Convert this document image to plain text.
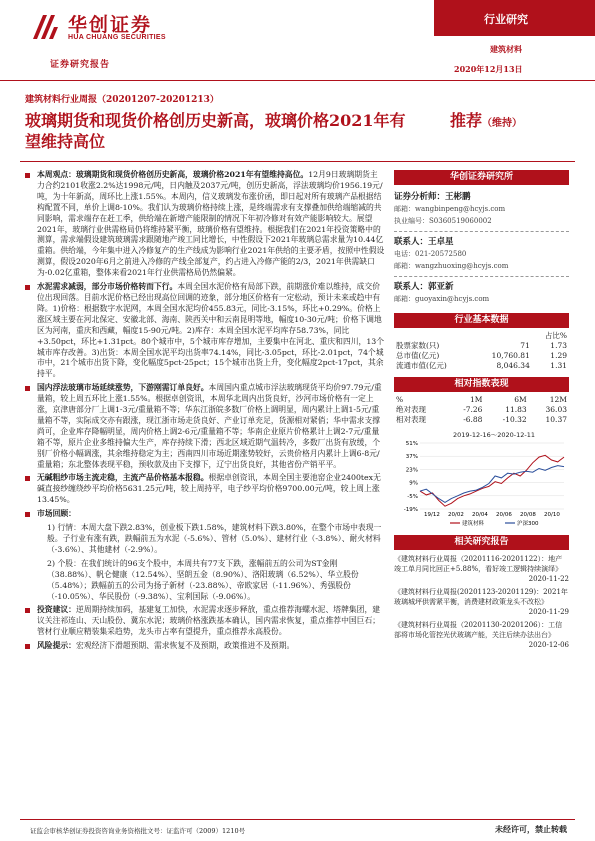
华创证券
HUA CHUANG SECURITIES
证券研究报告
行业研究
建筑材料
2020年12月13日
建筑材料行业周报（20201207-20201213）
玻璃期货和现货价格创历史新高，玻璃价格2021年有望维持高位
推荐（维持）

本周观点：玻璃期货和现货价格创历史新高，玻璃价格2021年有望维持高位。12月9日玻璃期货主力合约2101收涨2.2%达1998元/吨，日内触及2037元/吨，创历史新高，浮法玻璃均价1956.19元/吨，为十年新高，周环比上涨1.55%。本周内，信义玻璃发布涨价函，即日起对所有玻璃产品根据结构配置不同，单价上调8-10%。我们认为玻璃价格持续上涨，是终端需求有支撑叠加供给端缩减的共同影响，需求端存在赶工季，供给端在新增产能限制的情况下年初冷修对有效产能影响较大。展望2021年，玻璃行业供需格局仍将维持紧平衡，玻璃价格有望维持。根据我们在2021年投资策略中的测算，需求端假设建筑玻璃需求跟随地产竣工同比增长，中性假设下2021年玻璃总需求量为10.44亿重箱。供给端，今年集中进入冷修复产的生产线成为影响行业2021年供给的主要矛盾，按照中性假设测算，假设2020年6月之前进入冷修的产线全部复产，约占进入冷修产能的2/3，2021年供需缺口为-0.02亿重箱，整体来看2021年行业供需格局仍然偏紧。

水泥需求减弱，部分市场价格转而下行。本周全国水泥价格有局部下跌，前期涨价难以维持，成交价位出现回落。目前水泥价格已经出现高位回调的迹象，部分地区价格有一定松动，预计未来或趋中有降。1)价格：根据数字水泥网，本周全国水泥均价455.83元，同比-3.15%，环比+0.29%。价格上涨区域主要在河北保定、安徽北部、海南、陕西关中和云南昆明等地，幅度10-30元/吨；价格下调地区为河南，重庆和西藏，幅度15-90元/吨。2)库存：本周全国水泥平均库存58.73%，同比+3.50pct，环比+1.31pct。80个城市中，5个城市库存增加，主要集中在河北、重庆和四川，13个城市库存改善。3)出货：本周全国水泥平均出货率74.14%，同比-3.05pct，环比-2.01pct，74个城市中，21个城市出货下降，变化幅度5pct-25pct；15个城市出货上升，变化幅度2pct-17pct，其余持平。

国内浮法玻璃市场延续涨势，下游刚需订单良好。本周国内重点城市浮法玻璃现货平均价97.79元/重量箱，较上周五环比上涨1.55%。根据卓创资讯，本周华北周内出货良好，沙河市场价格有一定上涨，京津唐部分厂上调1-3元/重量箱不等；华东江浙皖多数厂价格上调明显，周内累计上调1-5元/重量箱不等，实际成交亦有跟涨，现江浙市场走货良好、产业订单充足，货源相对紧俏；华中需求支撑尚可，企业库存降幅明显，周内价格上调2-6元/重量箱不等；华南企业原片价格累计上调2-7元/重量箱不等，原片企业多维持偏大生产，库存持续下滑；西北区域近期气温转冷，多数厂出货有放缓，个别厂价格小幅调涨，其余维持稳定为主；西南四川市场近期涨势较好，云贵价格月内累计上调6-8元/重量箱；东北整体表现平稳，预收款及由下支撑下，辽宁出货良好，其他省份产销平平。

无碱粗纱市场主流走稳，主流产品价格基本报稳。根据卓创资讯，本周全国主要池窑企业2400tex无碱直接纱缠绕纱平均价格5631.25元/吨，较上周持平，电子纱平均价格9700.00元/吨，较上周上涨13.45%。

市场回顾：

1) 行情：本周大盘下跌2.83%，创业板下跌1.58%，建筑材料下跌3.80%，在整个市场中表现一般。子行业有涨有跌，跌幅前五为水泥（-5.6%）、管材（5.0%）、建材行业（-3.8%）、耐火材料（-3.6%）、其他建材（-2.9%）。

2) 个股：在我们统计的96支个股中，本周共有77支下跌，涨幅前五的公司为ST金刚（38.88%）、帆仑健康（12.54%）、坚朗五金（8.90%）、洛阳玻璃（6.52%）、华立股份（5.48%）；跌幅前五的公司为扬子新材（-23.88%）、帝欧家居（-11.96%）、秀强股份（-10.05%）、华民股份（-9.38%）、宝利国际（-9.06%）。

投资建议：逆周期持续加码，基建复工加快，水泥需求逐步释放，重点推荐海螺水泥、塔牌集团，建议关注祁连山、天山股份、冀东水泥；玻璃价格涨跌基本确认，国内需求恢复，重点推荐中国巨石；管材行业顺应精装集采趋势，龙头市占率有望提升，重点推荐永高股份。

风险提示：宏观经济下滑超预期、需求恢复不及预期，政策推进不及预期。

华创证券研究所
证券分析师：王彬鹏
邮箱：wangbinpeng@hcyjs.com
执业编号：S0360519060002
联系人：王卓星
电话：021-20572580
邮箱：wangzhuoxing@hcyjs.com
联系人：郭亚新
邮箱：guoyaxin@hcyjs.com
行业基本数据
		占比%
股票家数(只)	71	1.73
总市值(亿元)	10,760.81	1.29
流通市值(亿元)	8,046.34	1.31
相对指数表现
%	1M	6M	12M
绝对表现	-7.26	11.83	36.03
相对表现	-6.88	-10.32	10.37
2019-12-16～2020-12-11
51%
37%
23%
9%
-5%
-19%
19/12 20/02 20/04 20/06 20/08 20/10
建筑材料	沪深300
相关研究报告
《建筑材料行业周报（20201116-20201122）：地产竣工单月同比回正+5.88%，看好竣工逻辑持续演绎》
2020-11-22
《建筑材料行业周报(20201123-20201129)：2021年玻璃城坪供需紧平衡，消费建材政策龙头不改松》
2020-11-29
《建筑材料行业周报（20201130-20201206）：工信部将市场化管控光伏玻璃产能，关注后续办法出台》
2020-12-06
证监会审核华创证券投资咨询业务资格批文号：证监许可（2009）1210号	未经许可，禁止转载
